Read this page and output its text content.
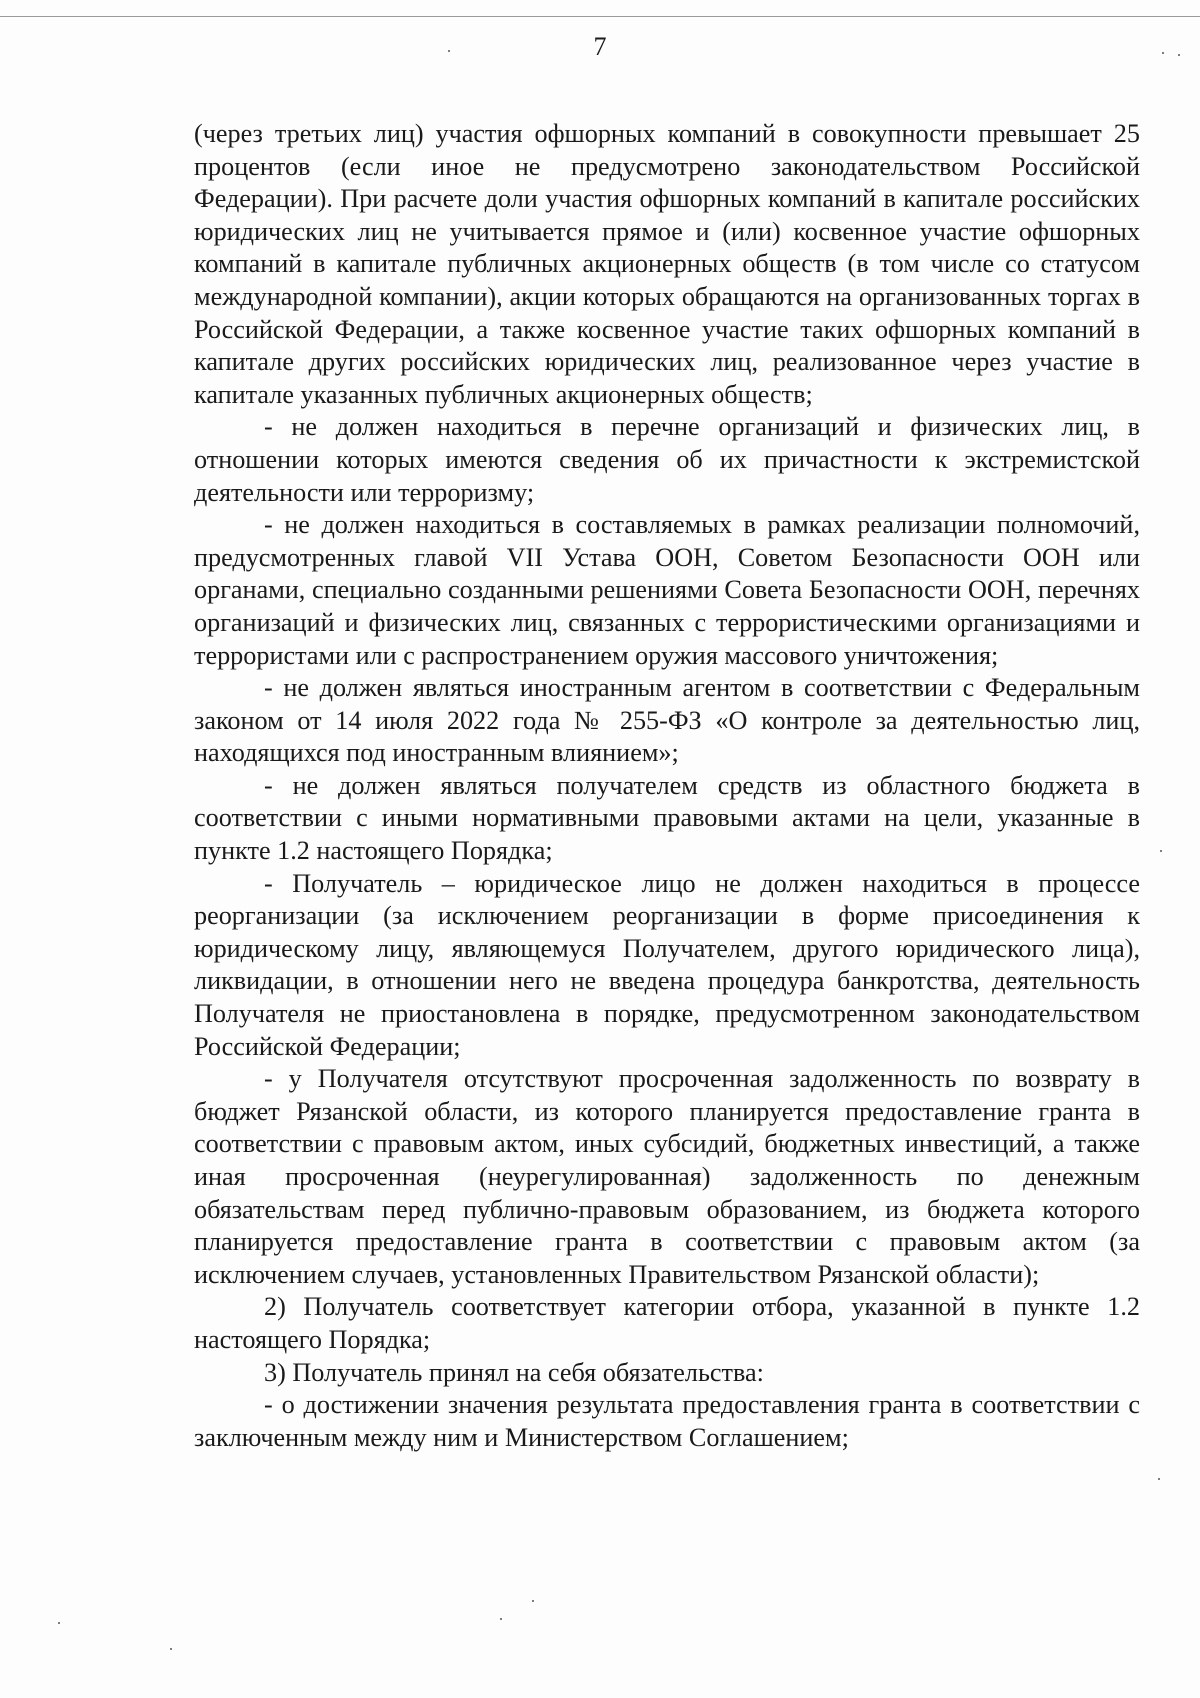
7

(через третьих лиц) участия офшорных компаний в совокупности превышает 25 процентов (если иное не предусмотрено законодательством Российской Федерации). При расчете доли участия офшорных компаний в капитале российских юридических лиц не учитывается прямое и (или) косвенное участие офшорных компаний в капитале публичных акционерных обществ (в том числе со статусом международной компании), акции которых обращаются на организованных торгах в Российской Федерации, а также косвенное участие таких офшорных компаний в капитале других российских юридических лиц, реализованное через участие в капитале указанных публичных акционерных обществ;

- не должен находиться в перечне организаций и физических лиц, в отношении которых имеются сведения об их причастности к экстремистской деятельности или терроризму;

- не должен находиться в составляемых в рамках реализации полномочий, предусмотренных главой VII Устава ООН, Советом Безопасности ООН или органами, специально созданными решениями Совета Безопасности ООН, перечнях организаций и физических лиц, связанных с террористическими организациями и террористами или с распространением оружия массового уничтожения;

- не должен являться иностранным агентом в соответствии с Федеральным законом от 14 июля 2022 года № 255-ФЗ «О контроле за деятельностью лиц, находящихся под иностранным влиянием»;

- не должен являться получателем средств из областного бюджета в соответствии с иными нормативными правовыми актами на цели, указанные в пункте 1.2 настоящего Порядка;

- Получатель – юридическое лицо не должен находиться в процессе реорганизации (за исключением реорганизации в форме присоединения к юридическому лицу, являющемуся Получателем, другого юридического лица), ликвидации, в отношении него не введена процедура банкротства, деятельность Получателя не приостановлена в порядке, предусмотренном законодательством Российской Федерации;

- у Получателя отсутствуют просроченная задолженность по возврату в бюджет Рязанской области, из которого планируется предоставление гранта в соответствии с правовым актом, иных субсидий, бюджетных инвестиций, а также иная просроченная (неурегулированная) задолженность по денежным обязательствам перед публично-правовым образованием, из бюджета которого планируется предоставление гранта в соответствии с правовым актом (за исключением случаев, установленных Правительством Рязанской области);

2) Получатель соответствует категории отбора, указанной в пункте 1.2 настоящего Порядка;

3) Получатель принял на себя обязательства:

- о достижении значения результата предоставления гранта в соответствии с заключенным между ним и Министерством Соглашением;
